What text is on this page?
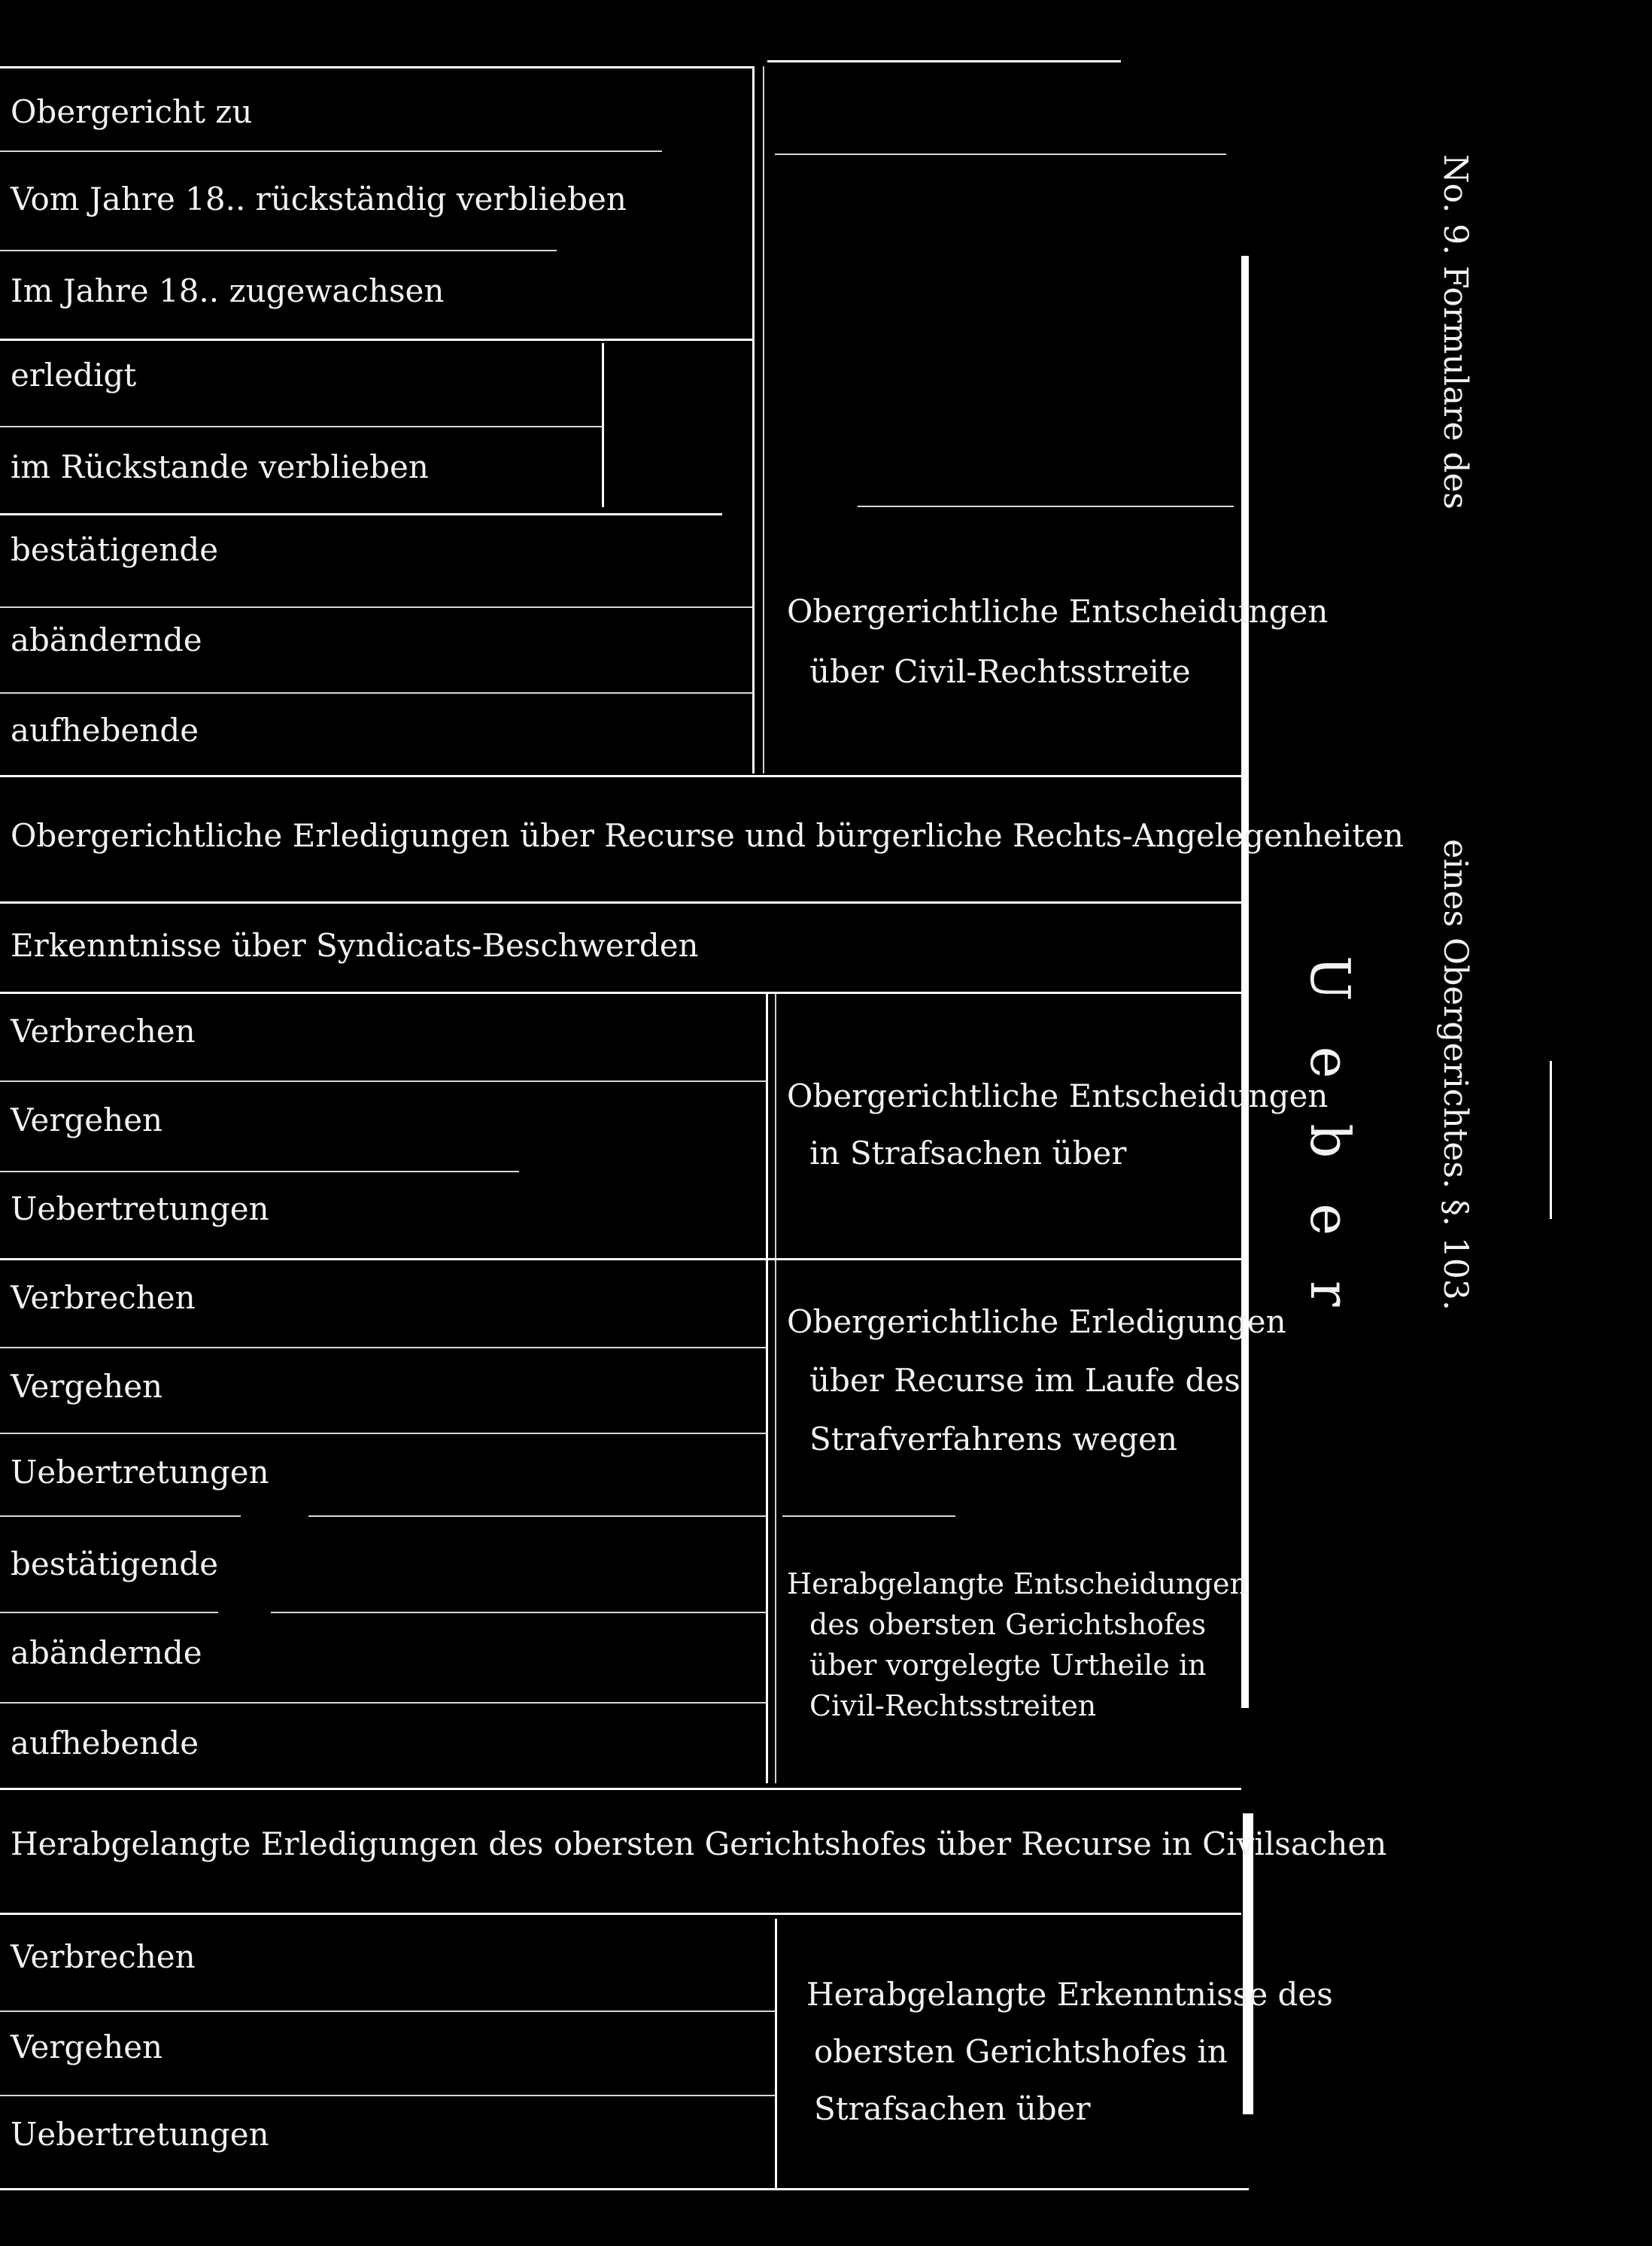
Obergericht zu
Vom Jahre 18.. rückständig verblieben
Im Jahre 18.. zugewachsen
erledigt
im Rückstande verblieben
bestätigende
abändernde
aufhebende
Obergerichtliche Erledigungen über Recurse und bürgerliche Rechts-Angelegenheiten
Erkenntnisse über Syndicats-Beschwerden
Verbrechen
Vergehen
Uebertretungen
Verbrechen
Vergehen
Uebertretungen
bestätigende
abändernde
aufhebende
Herabgelangte Erledigungen des obersten Gerichtshofes über Recurse in Civilsachen
Verbrechen
Vergehen
Uebertretungen
Obergerichtliche Entscheidungen
über Civil-Rechtsstreite
Obergerichtliche Entscheidungen
in Strafsachen über
Obergerichtliche Erledigungen
über Recurse im Laufe des
Strafverfahrens wegen
Herabgelangte Entscheidungen
des obersten Gerichtshofes
über vorgelegte Urtheile in
Civil-Rechtsstreiten
Herabgelangte Erkenntnisse des
obersten Gerichtshofes in
Strafsachen über
No. 9. Formulare des
eines Obergerichtes. §. 103.
Ueber
